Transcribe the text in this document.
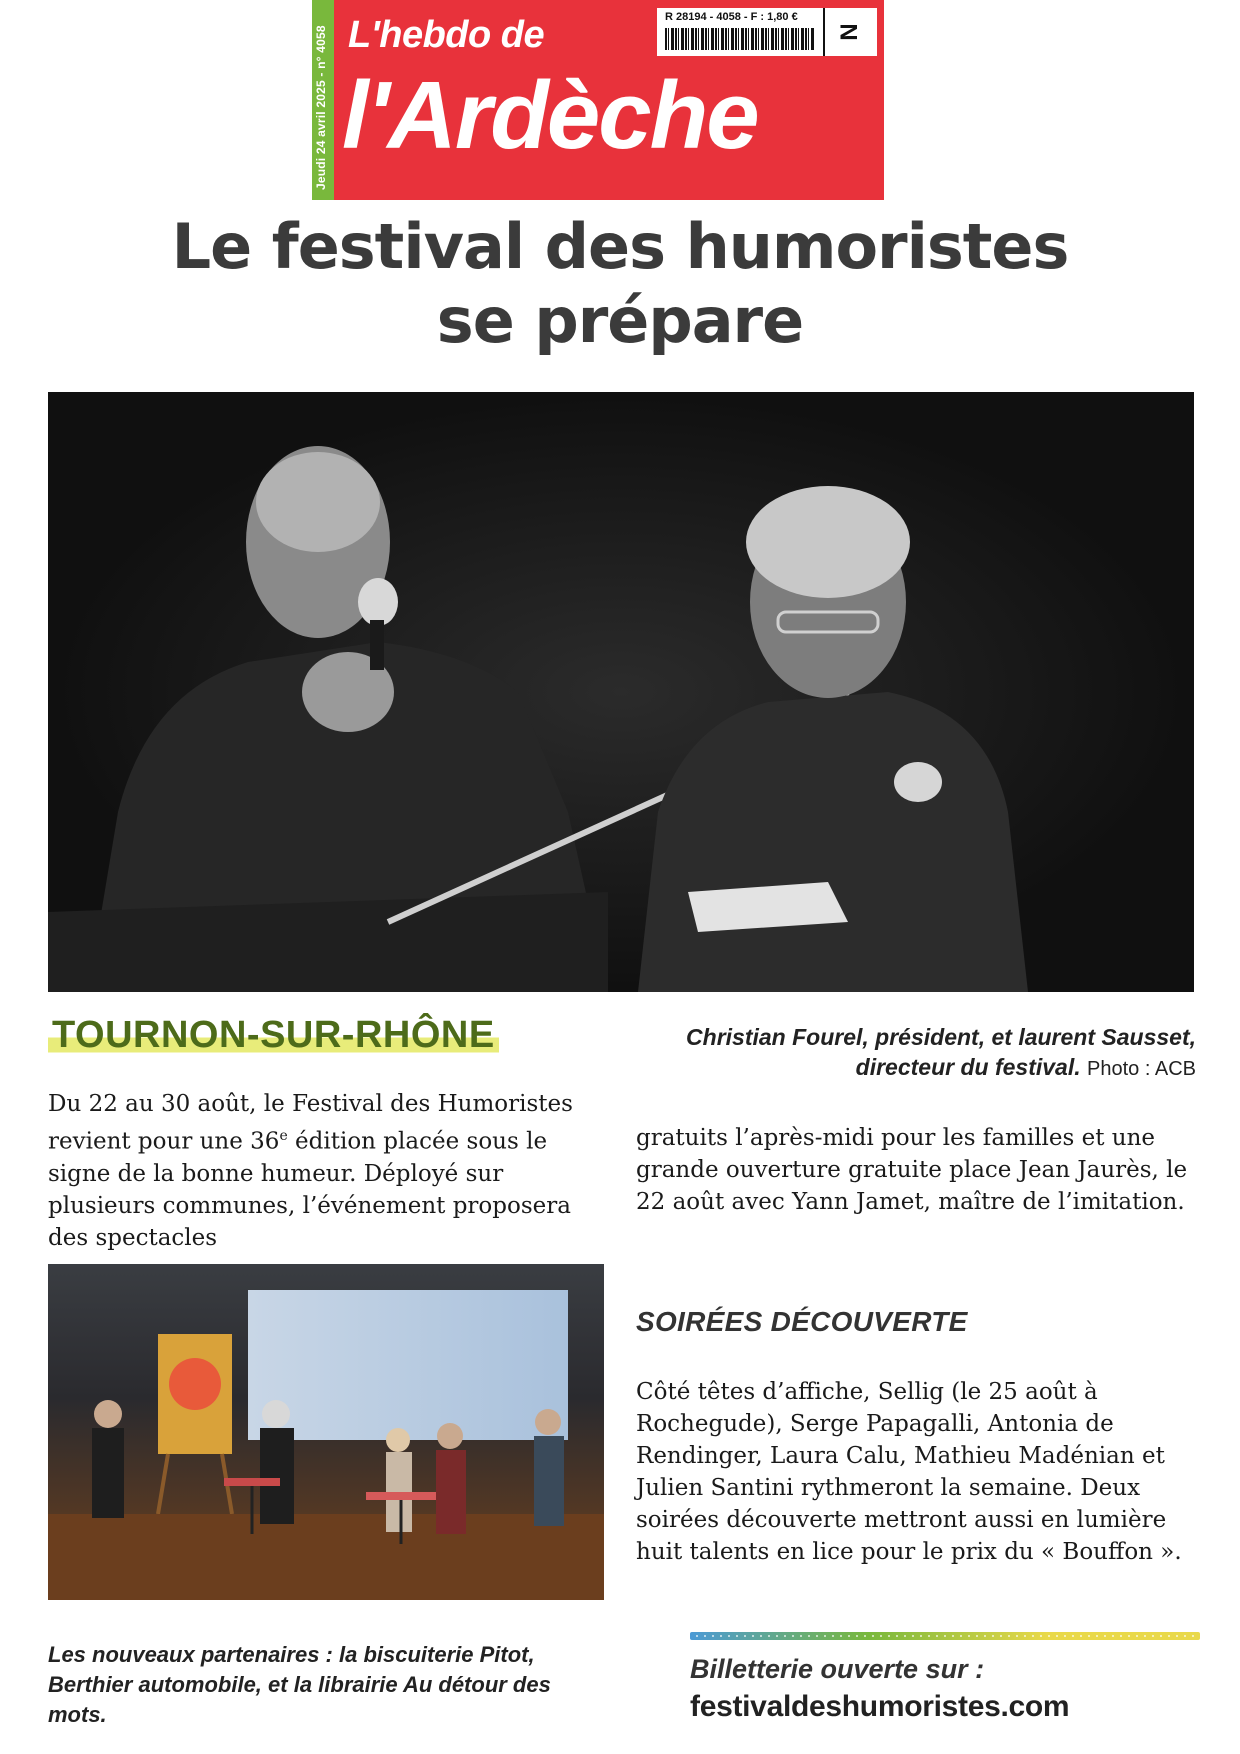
Jeudi 24 avril 2025 - n° 4058 L'hebdo de
l'Ardèche
R 28194 - 4058 - F : 1,80 €
N
Le festival des humoristes
se prépare
TOURNON-SUR-RHÔNE	Christian Fourel, président, et laurent Sausset, directeur du festival. Photo : ACB

Du 22 au 30 août, le Festival des Humoristes revient pour une 36e édition placée sous le signe de la bonne humeur. Déployé sur plusieurs communes, l’événement proposera des spectacles

gratuits l’après-midi pour les familles et une grande ouverture gratuite place Jean Jaurès, le 22 août avec Yann Jamet, maître de l’imitation.

SOIRÉES DÉCOUVERTE

Côté têtes d’affiche, Sellig (le 25 août à Rochegude), Serge Papagalli, Antonia de Rendinger, Laura Calu, Mathieu Madénian et Julien Santini rythmeront la semaine. Deux soirées découverte mettront aussi en lumière huit talents en lice pour le prix du « Bouffon ».

Les nouveaux partenaires : la biscuiterie Pitot, Berthier automobile, et la librairie Au détour des mots.

Billetterie ouverte sur :
festivaldeshumoristes.com
